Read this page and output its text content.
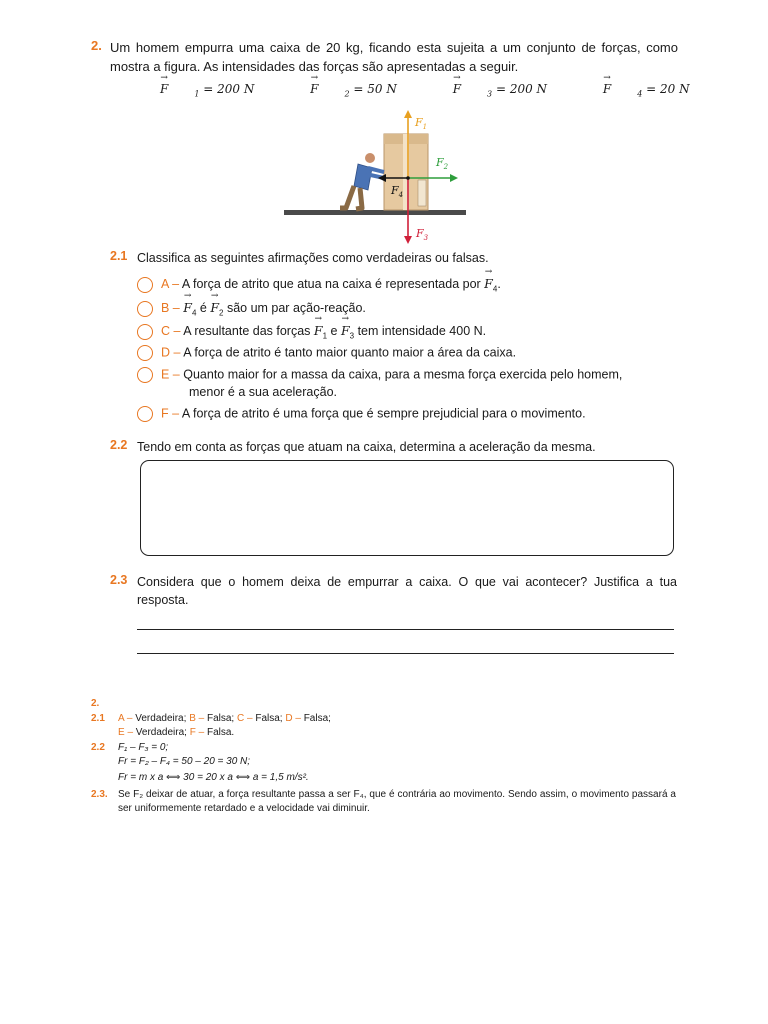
2. Um homem empurra uma caixa de 20 kg, ficando esta sujeita a um conjunto de forças, como mostra a figura. As intensidades das forças são apresentadas a seguir.
→ F	$_1$ = 200 N	→ F	$_2$ = 50 N	→ F	$_3$ = 200 N	→ F	$_4$ = 20 N
$F_1$
$F_2$
$F_4$
$F_3$
2.1 Classifica as seguintes afirmações como verdadeiras ou falsas.
A – A força de atrito que atua na caixa é representada por → $F_4$.
B – → $F_4$ é → $F_2$ são um par ação-reação.
C – A resultante das forças → $F_1$ $e \to F_3$ tem intensidade 400 N.
D – A força de atrito é tanto maior quanto maior a área da caixa.
E – Quanto maior for a massa da caixa, para a mesma força exercida pelo homem,
menor é a sua aceleração.
F – A força de atrito é uma força que é sempre prejudicial para o movimento.
2.2 Tendo em conta as forças que atuam na caixa, determina a aceleração da mesma.
2.3 Considera que o homem deixa de empurrar a caixa. O que vai acontecer? Justifica a tua resposta.
2.
2.1 A – Verdadeira; B – Falsa; C – Falsa; D – Falsa;
E – Verdadeira; F – Falsa.
2.2 F₁ – F₃ = 0;
Fr = F₂ – F₄ = 50 – 20 = 30 N;
Fr = m x a ⟺ 30 = 20 x a ⟺ a = 1,5 m/s².
2.3. Se F₂ deixar de atuar, a força resultante passa a ser F₄, que é contrária ao movimento. Sendo assim, o movimento passará a ser uniformemente retardado e a velocidade vai diminuir.
